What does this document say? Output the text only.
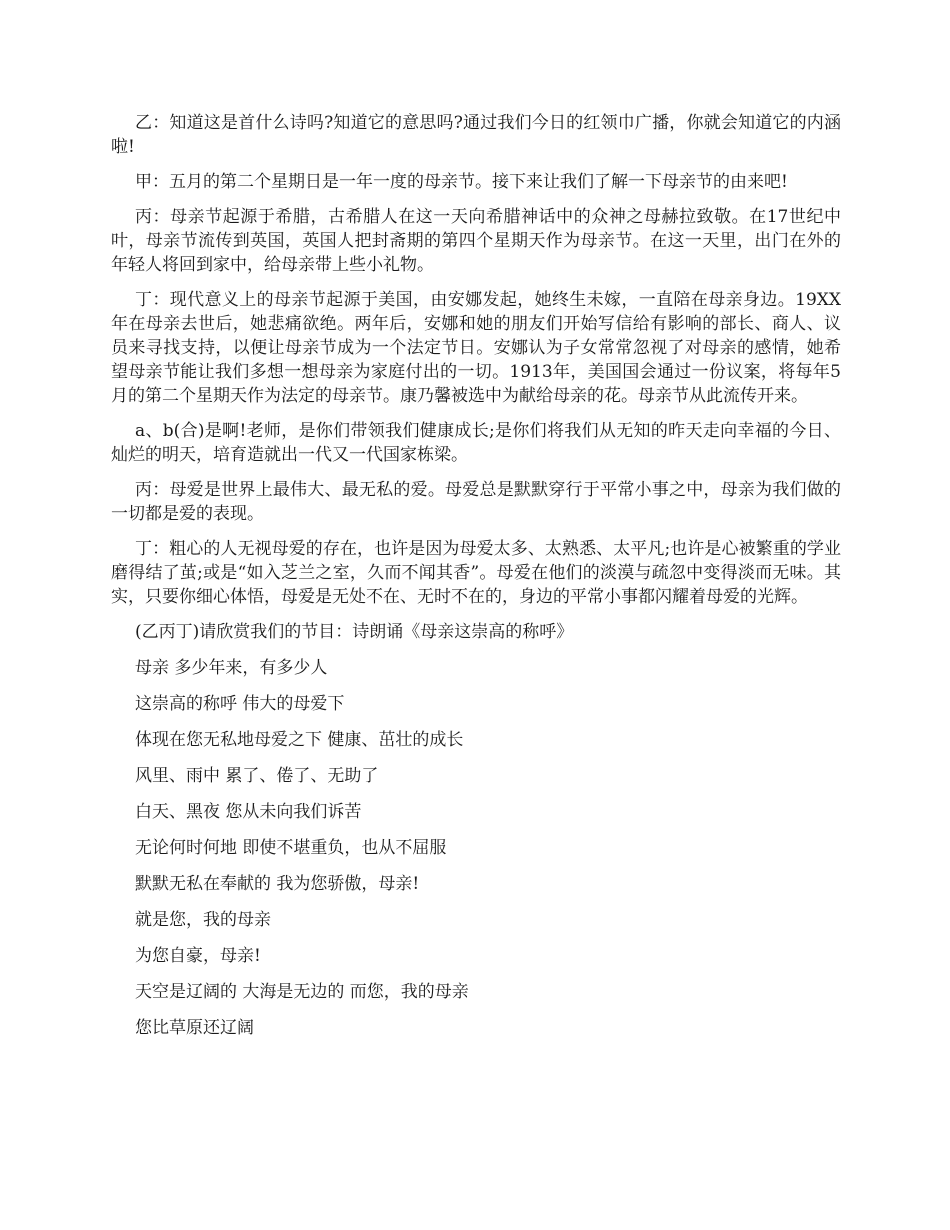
乙：知道这是首什么诗吗?知道它的意思吗?通过我们今日的红领巾广播，你就会知道它的内涵啦!

甲：五月的第二个星期日是一年一度的母亲节。接下来让我们了解一下母亲节的由来吧!

丙：母亲节起源于希腊，古希腊人在这一天向希腊神话中的众神之母赫拉致敬。在17世纪中叶，母亲节流传到英国，英国人把封斋期的第四个星期天作为母亲节。在这一天里，出门在外的年轻人将回到家中，给母亲带上些小礼物。

丁：现代意义上的母亲节起源于美国，由安娜发起，她终生未嫁，一直陪在母亲身边。19XX年在母亲去世后，她悲痛欲绝。两年后，安娜和她的朋友们开始写信给有影响的部长、商人、议员来寻找支持，以便让母亲节成为一个法定节日。安娜认为子女常常忽视了对母亲的感情，她希望母亲节能让我们多想一想母亲为家庭付出的一切。1913年，美国国会通过一份议案，将每年5月的第二个星期天作为法定的母亲节。康乃馨被选中为献给母亲的花。母亲节从此流传开来。

a、b(合)是啊!老师，是你们带领我们健康成长;是你们将我们从无知的昨天走向幸福的今日、灿烂的明天，培育造就出一代又一代国家栋梁。

丙：母爱是世界上最伟大、最无私的爱。母爱总是默默穿行于平常小事之中，母亲为我们做的一切都是爱的表现。

丁：粗心的人无视母爱的存在，也许是因为母爱太多、太熟悉、太平凡;也许是心被繁重的学业磨得结了茧;或是“如入芝兰之室，久而不闻其香”。母爱在他们的淡漠与疏忽中变得淡而无味。其实，只要你细心体悟，母爱是无处不在、无时不在的，身边的平常小事都闪耀着母爱的光辉。

(乙丙丁)请欣赏我们的节目：诗朗诵《母亲这崇高的称呼》

母亲 多少年来，有多少人

这崇高的称呼 伟大的母爱下

体现在您无私地母爱之下 健康、茁壮的成长

风里、雨中 累了、倦了、无助了

白天、黑夜 您从未向我们诉苦

无论何时何地 即使不堪重负，也从不屈服

默默无私在奉献的 我为您骄傲，母亲!

就是您，我的母亲

为您自豪，母亲!

天空是辽阔的 大海是无边的 而您，我的母亲

您比草原还辽阔
